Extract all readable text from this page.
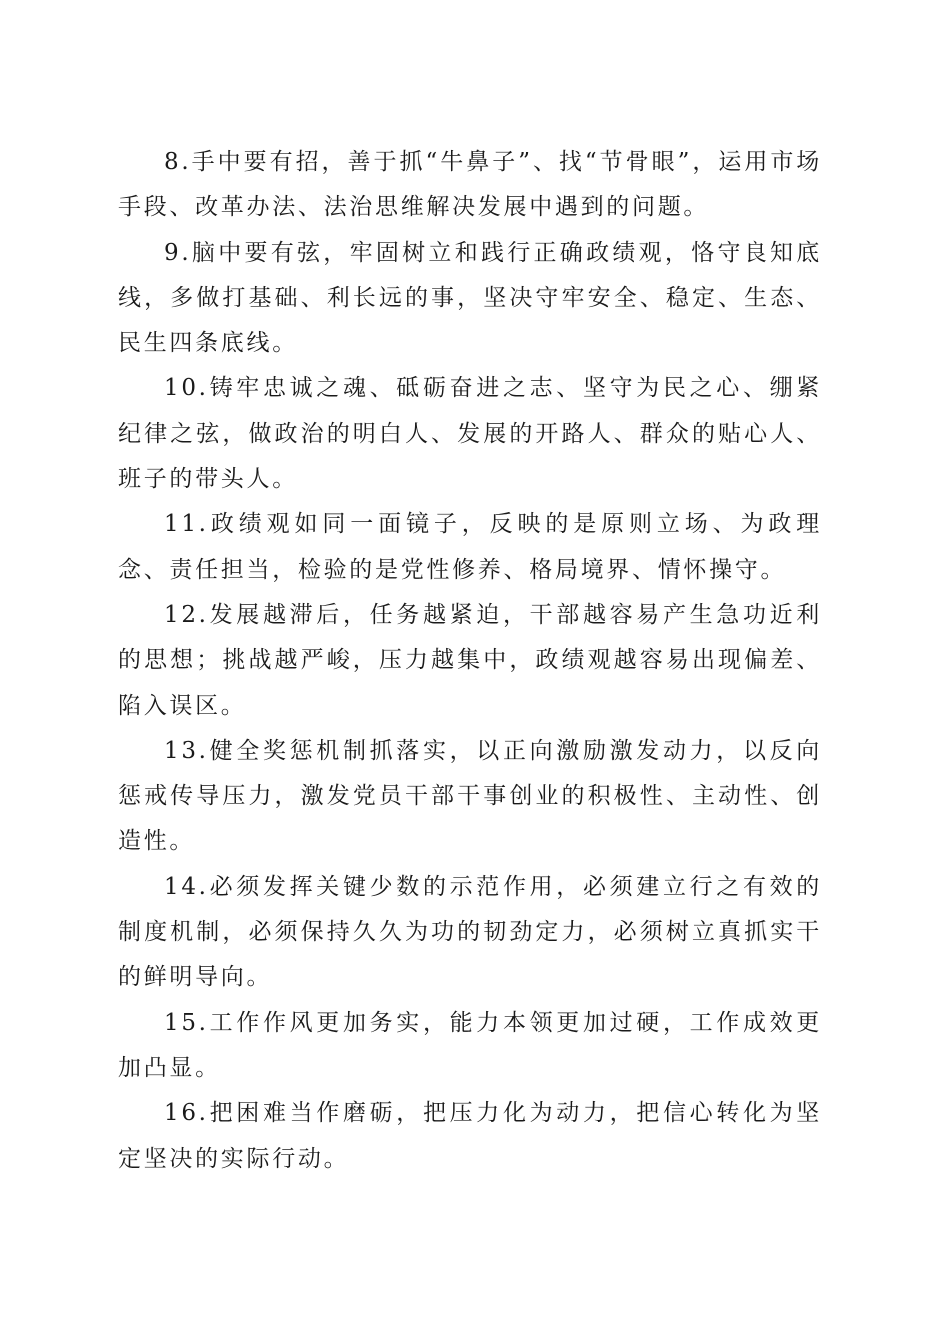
8.手中要有招，善于抓“牛鼻子”、找“节骨眼”，运用市场手段、改革办法、法治思维解决发展中遇到的问题。

9.脑中要有弦，牢固树立和践行正确政绩观，恪守良知底线，多做打基础、利长远的事，坚决守牢安全、稳定、生态、民生四条底线。

10.铸牢忠诚之魂、砥砺奋进之志、坚守为民之心、绷紧纪律之弦，做政治的明白人、发展的开路人、群众的贴心人、班子的带头人。

11.政绩观如同一面镜子，反映的是原则立场、为政理念、责任担当，检验的是党性修养、格局境界、情怀操守。

12.发展越滞后，任务越紧迫，干部越容易产生急功近利的思想；挑战越严峻，压力越集中，政绩观越容易出现偏差、陷入误区。

13.健全奖惩机制抓落实，以正向激励激发动力，以反向惩戒传导压力，激发党员干部干事创业的积极性、主动性、创造性。

14.必须发挥关键少数的示范作用，必须建立行之有效的制度机制，必须保持久久为功的韧劲定力，必须树立真抓实干的鲜明导向。

15.工作作风更加务实，能力本领更加过硬，工作成效更加凸显。

16.把困难当作磨砺，把压力化为动力，把信心转化为坚定坚决的实际行动。
